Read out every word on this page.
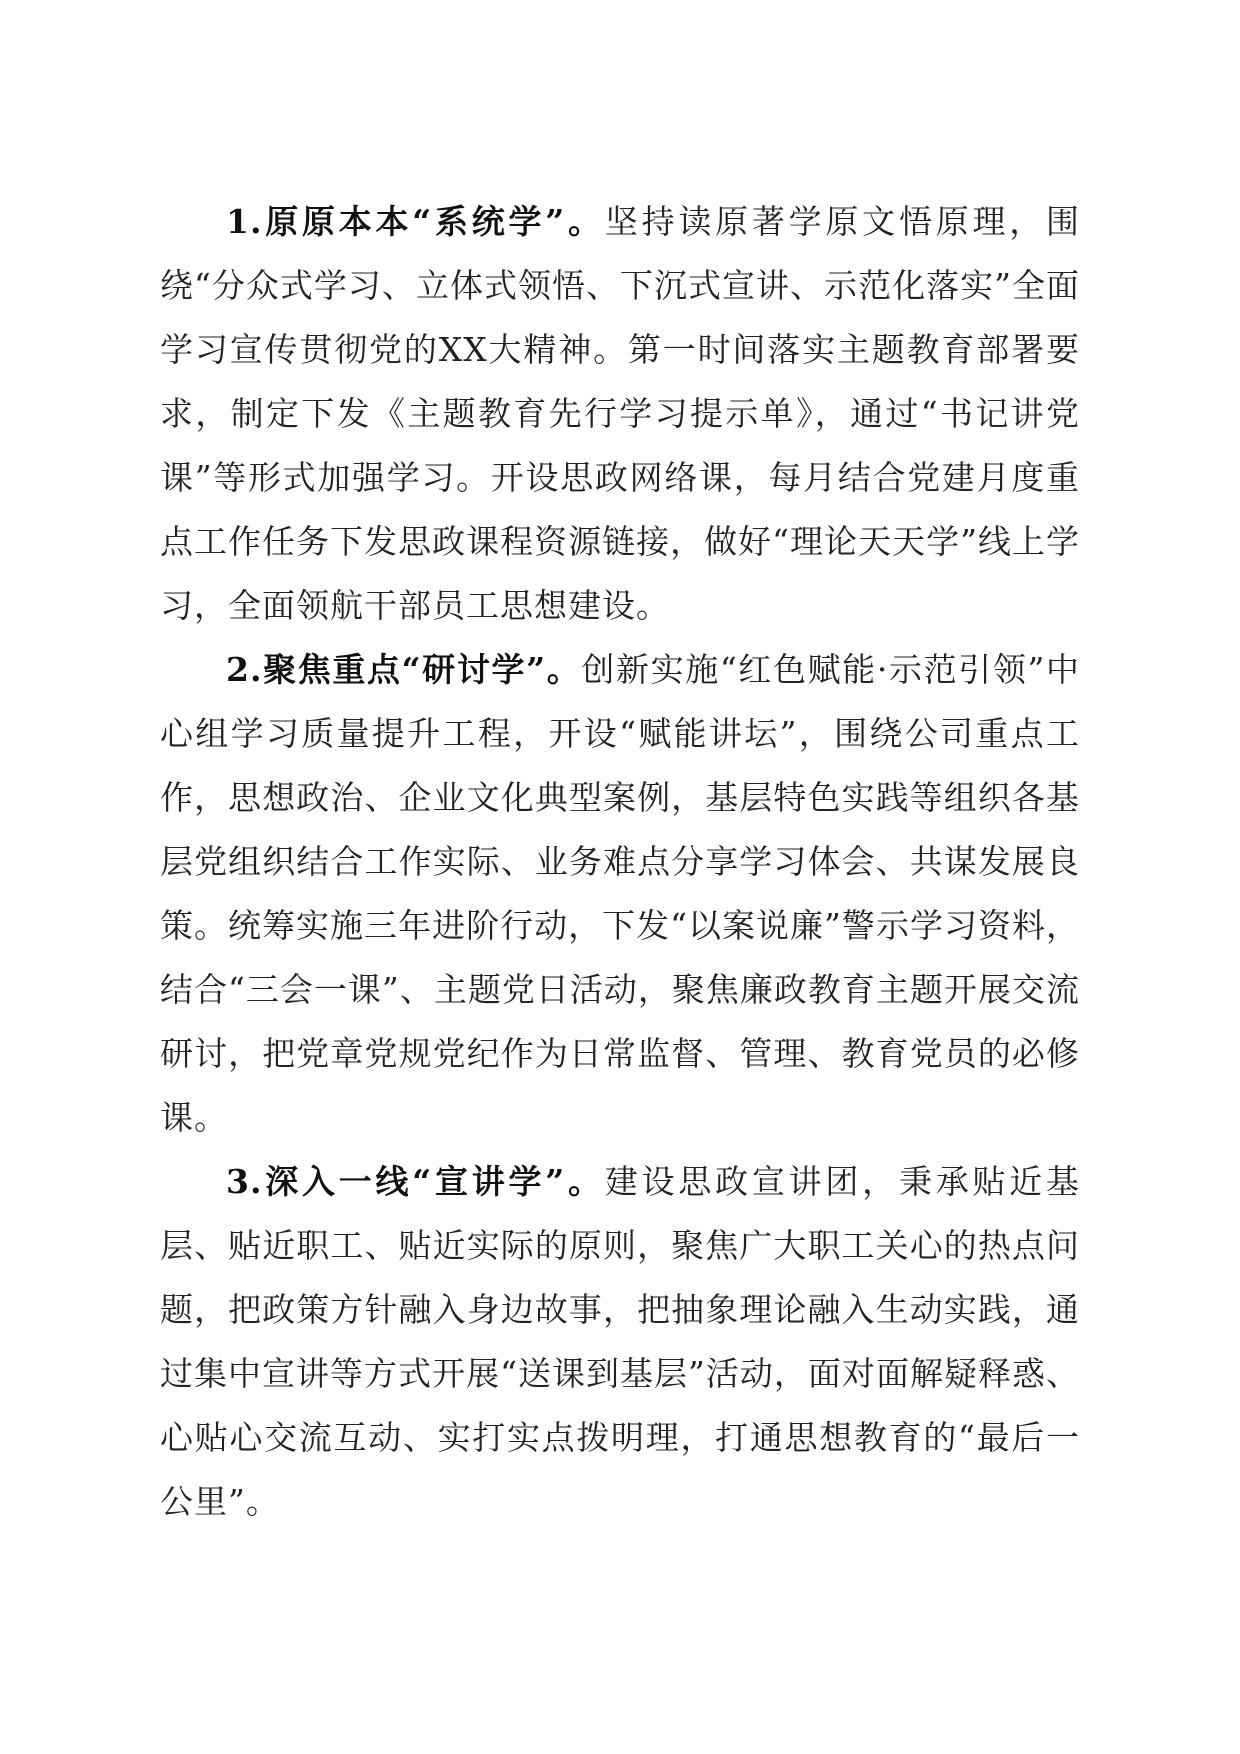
1.原原本本“系统学”。坚持读原著学原文悟原理，围绕“分众式学习、立体式领悟、下沉式宣讲、示范化落实”全面学习宣传贯彻党的XX大精神。第一时间落实主题教育部署要求，制定下发《主题教育先行学习提示单》，通过“书记讲党课”等形式加强学习。开设思政网络课，每月结合党建月度重点工作任务下发思政课程资源链接，做好“理论天天学”线上学习，全面领航干部员工思想建设。

2.聚焦重点“研讨学”。创新实施“红色赋能·示范引领”中心组学习质量提升工程，开设“赋能讲坛”，围绕公司重点工作，思想政治、企业文化典型案例，基层特色实践等组织各基层党组织结合工作实际、业务难点分享学习体会、共谋发展良策。统筹实施三年进阶行动，下发“以案说廉”警示学习资料，结合“三会一课”、主题党日活动，聚焦廉政教育主题开展交流研讨，把党章党规党纪作为日常监督、管理、教育党员的必修课。

3.深入一线“宣讲学”。建设思政宣讲团，秉承贴近基层、贴近职工、贴近实际的原则，聚焦广大职工关心的热点问题，把政策方针融入身边故事，把抽象理论融入生动实践，通过集中宣讲等方式开展“送课到基层”活动，面对面解疑释惑、心贴心交流互动、实打实点拨明理，打通思想教育的“最后一公里”。
